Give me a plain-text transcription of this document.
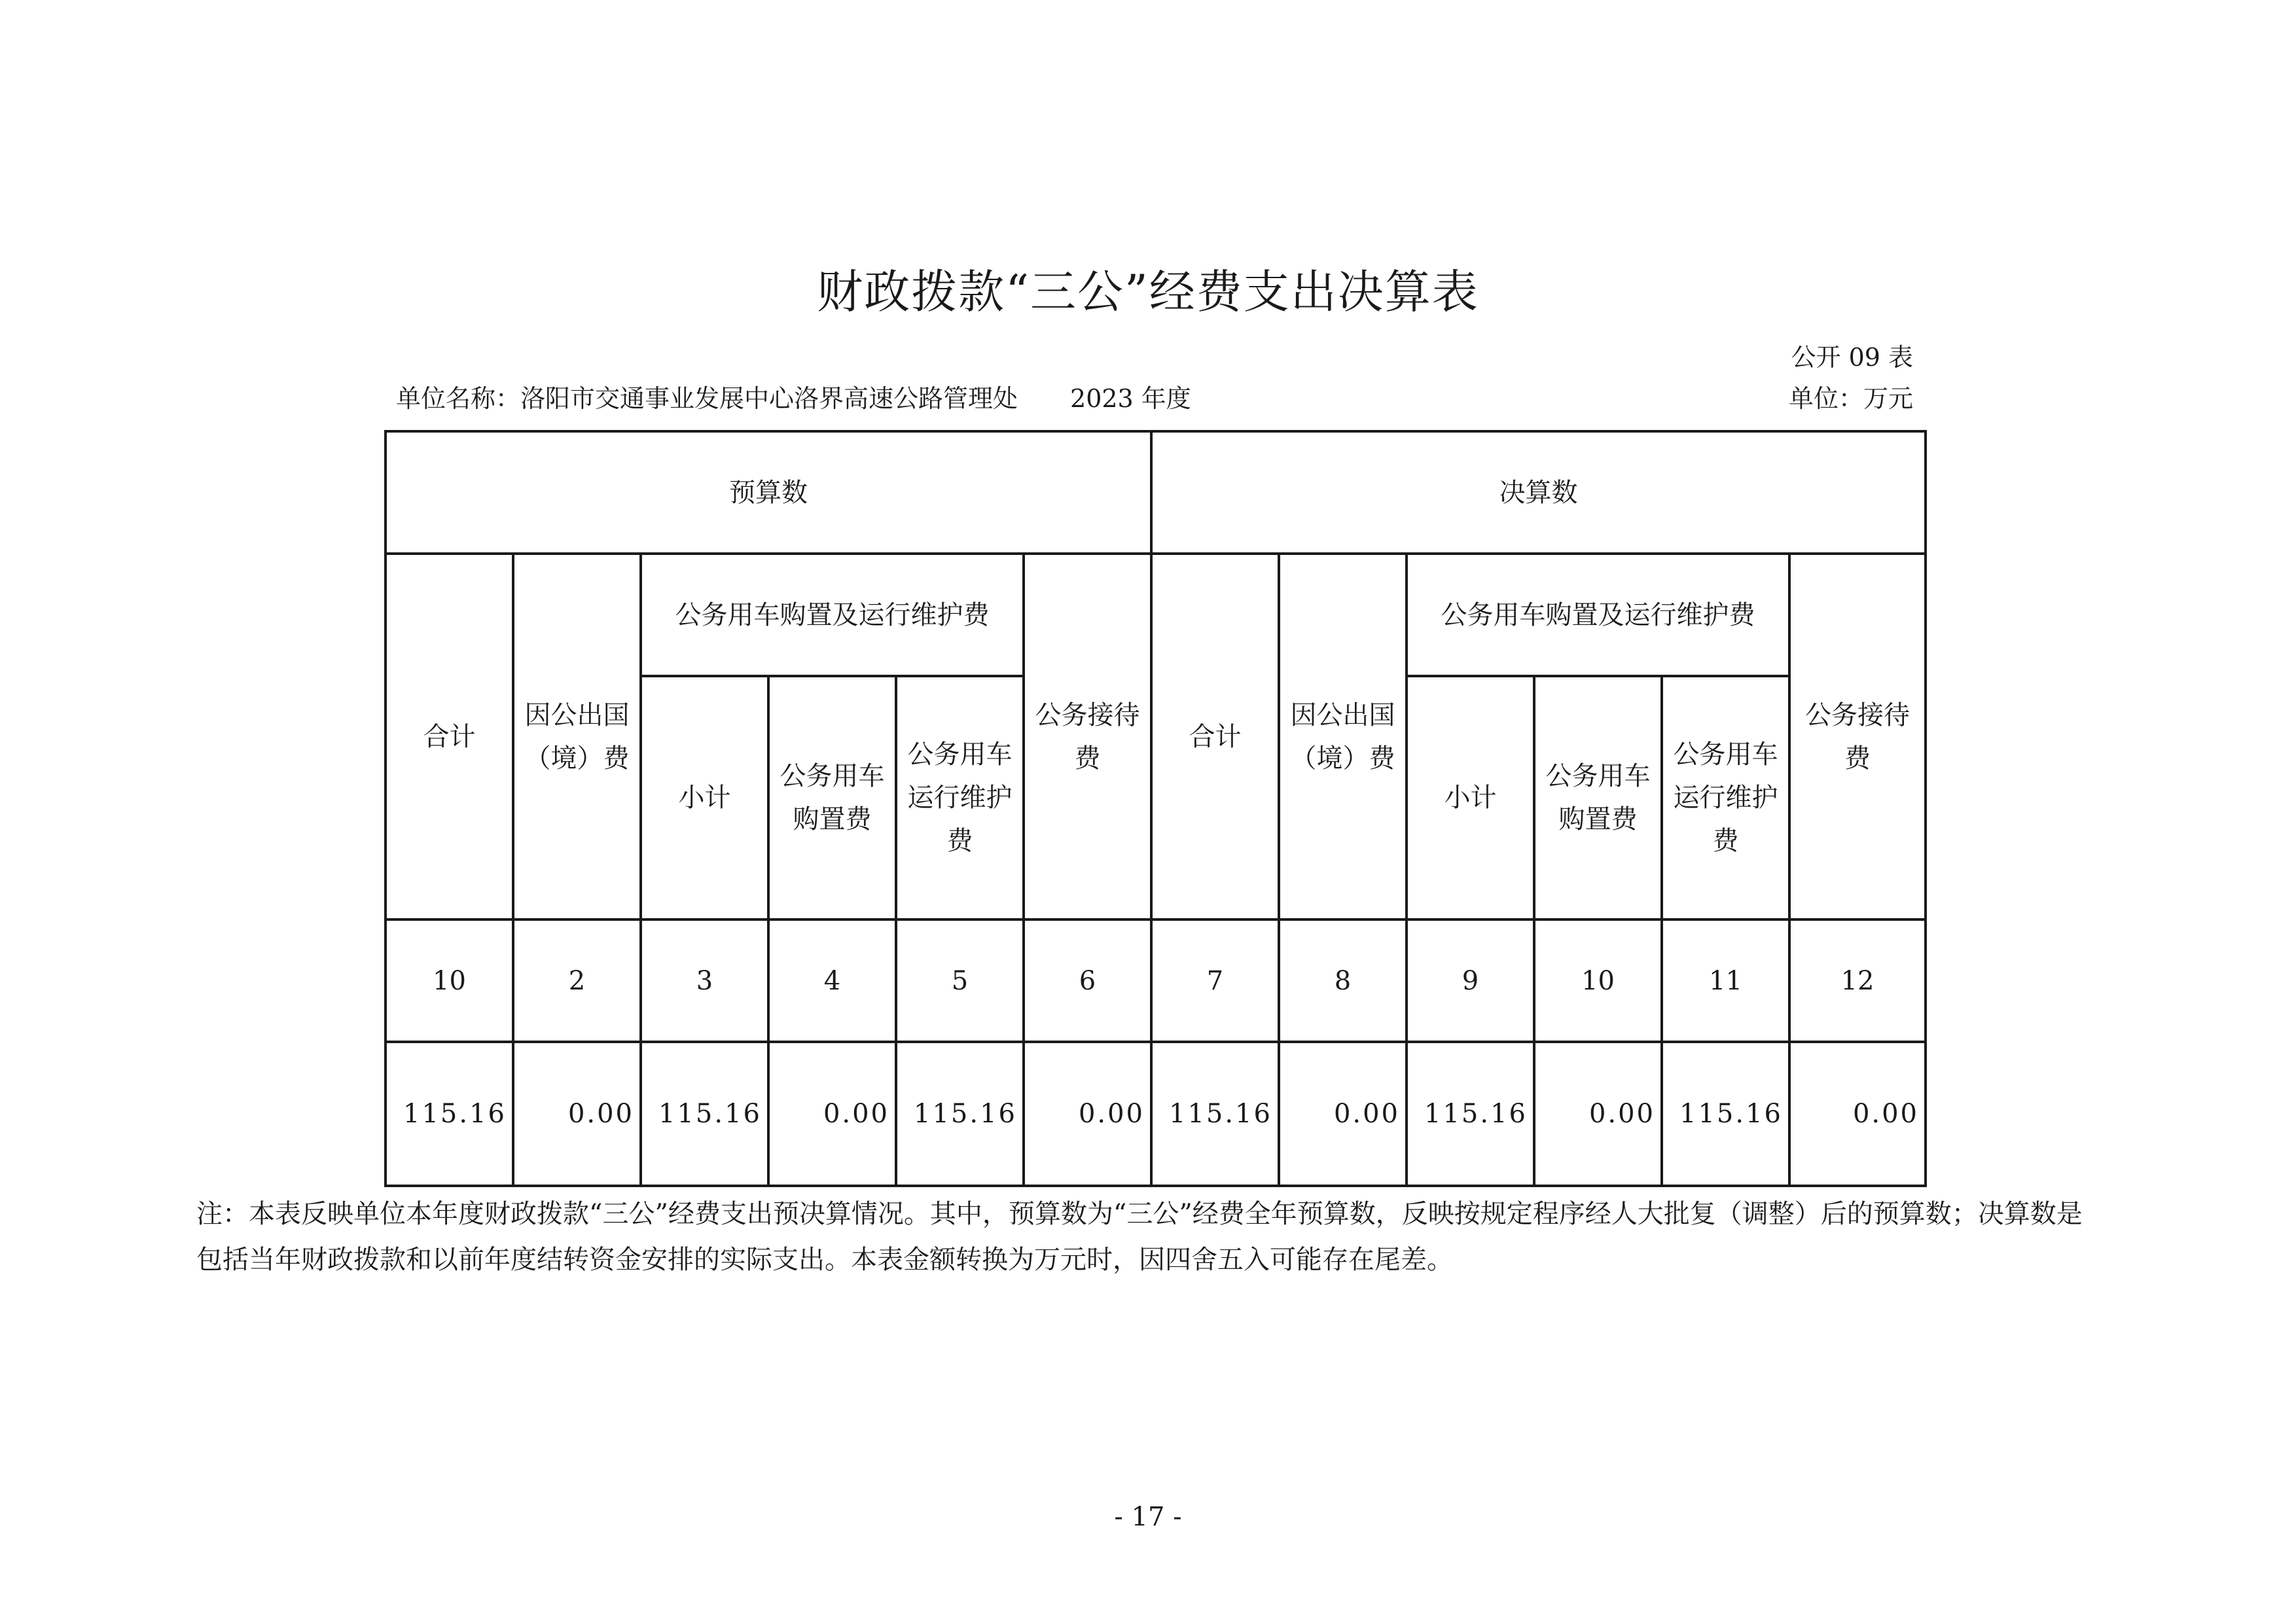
财政拨款“三公”经费支出决算表
公开 09 表
单位名称：洛阳市交通事业发展中心洛界高速公路管理处 2023 年度	单位：万元
预算数						决算数					
合计	因公出国（境）费	公务用车购置及运行维护费			公务接待费	合计	因公出国（境）费	公务用车购置及运行维护费			公务接待费
		小计	公务用车购置费	公务用车运行维护费				小计	公务用车购置费	公务用车运行维护费	
10	2	3	4	5	6	7	8	9	10	11	12
115.16	0.00	115.16	0.00	115.16	0.00	115.16	0.00	115.16	0.00	115.16	0.00
注：本表反映单位本年度财政拨款“三公”经费支出预决算情况。其中，预算数为“三公”经费全年预算数，反映按规定程序经人大批复（调整）后的预算数；决算数是包括当年财政拨款和以前年度结转资金安排的实际支出。本表金额转换为万元时，因四舍五入可能存在尾差。
- 17 -
